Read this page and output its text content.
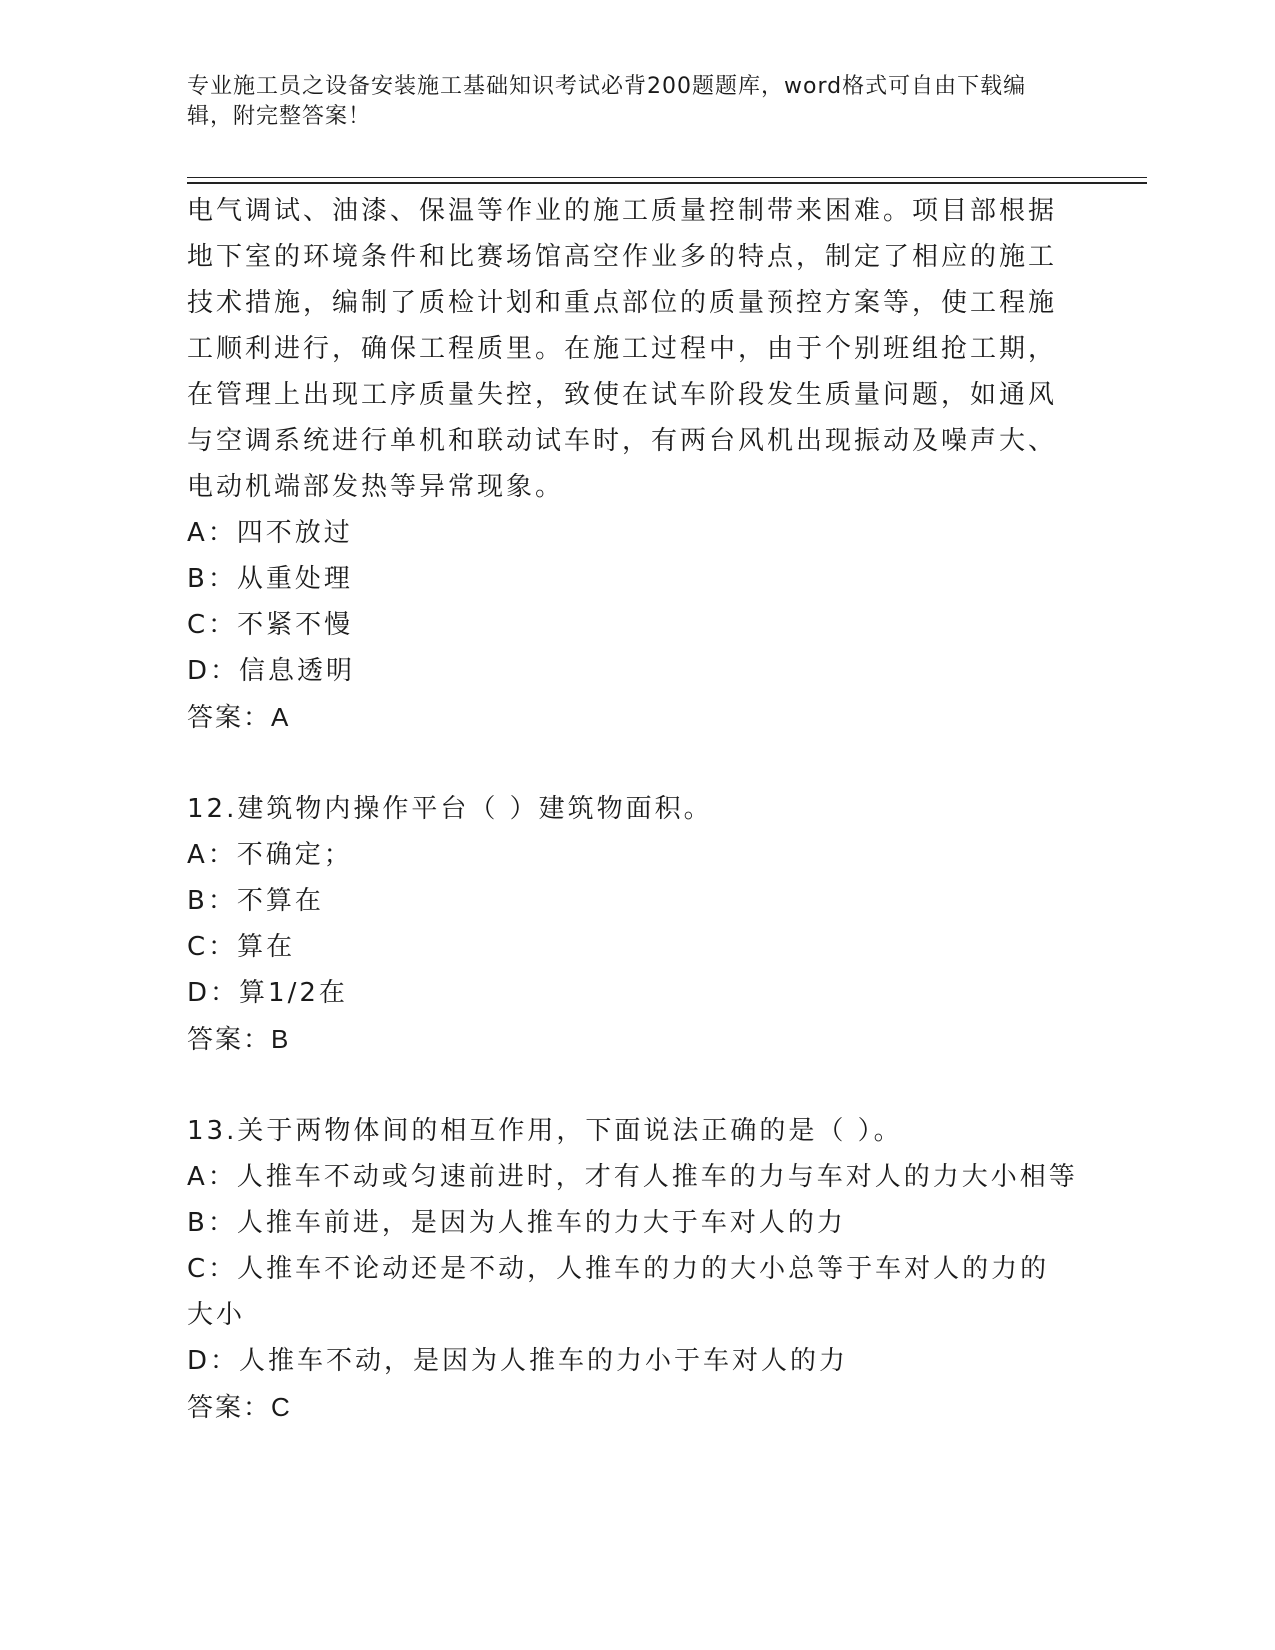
专业施工员之设备安装施工基础知识考试必背200题题库，word格式可自由下载编辑，附完整答案！
电气调试、油漆、保温等作业的施工质量控制带来困难。项目部根据
地下室的环境条件和比赛场馆高空作业多的特点，制定了相应的施工
技术措施，编制了质检计划和重点部位的质量预控方案等，使工程施
工顺利进行，确保工程质里。在施工过程中，由于个别班组抢工期，
在管理上出现工序质量失控，致使在试车阶段发生质量问题，如通风
与空调系统进行单机和联动试车时，有两台风机出现振动及噪声大、
电动机端部发热等异常现象。
A：四不放过
B：从重处理
C：不紧不慢
D：信息透明
答案：A
12.建筑物内操作平台（ ）建筑物面积。
A：不确定；
B：不算在
C：算在
D：算1/2在
答案：B
13.关于两物体间的相互作用，下面说法正确的是（ ）。
A：人推车不动或匀速前进时，才有人推车的力与车对人的力大小相等
B：人推车前进，是因为人推车的力大于车对人的力
C：人推车不论动还是不动，人推车的力的大小总等于车对人的力的大小
D：人推车不动，是因为人推车的力小于车对人的力
答案：C
